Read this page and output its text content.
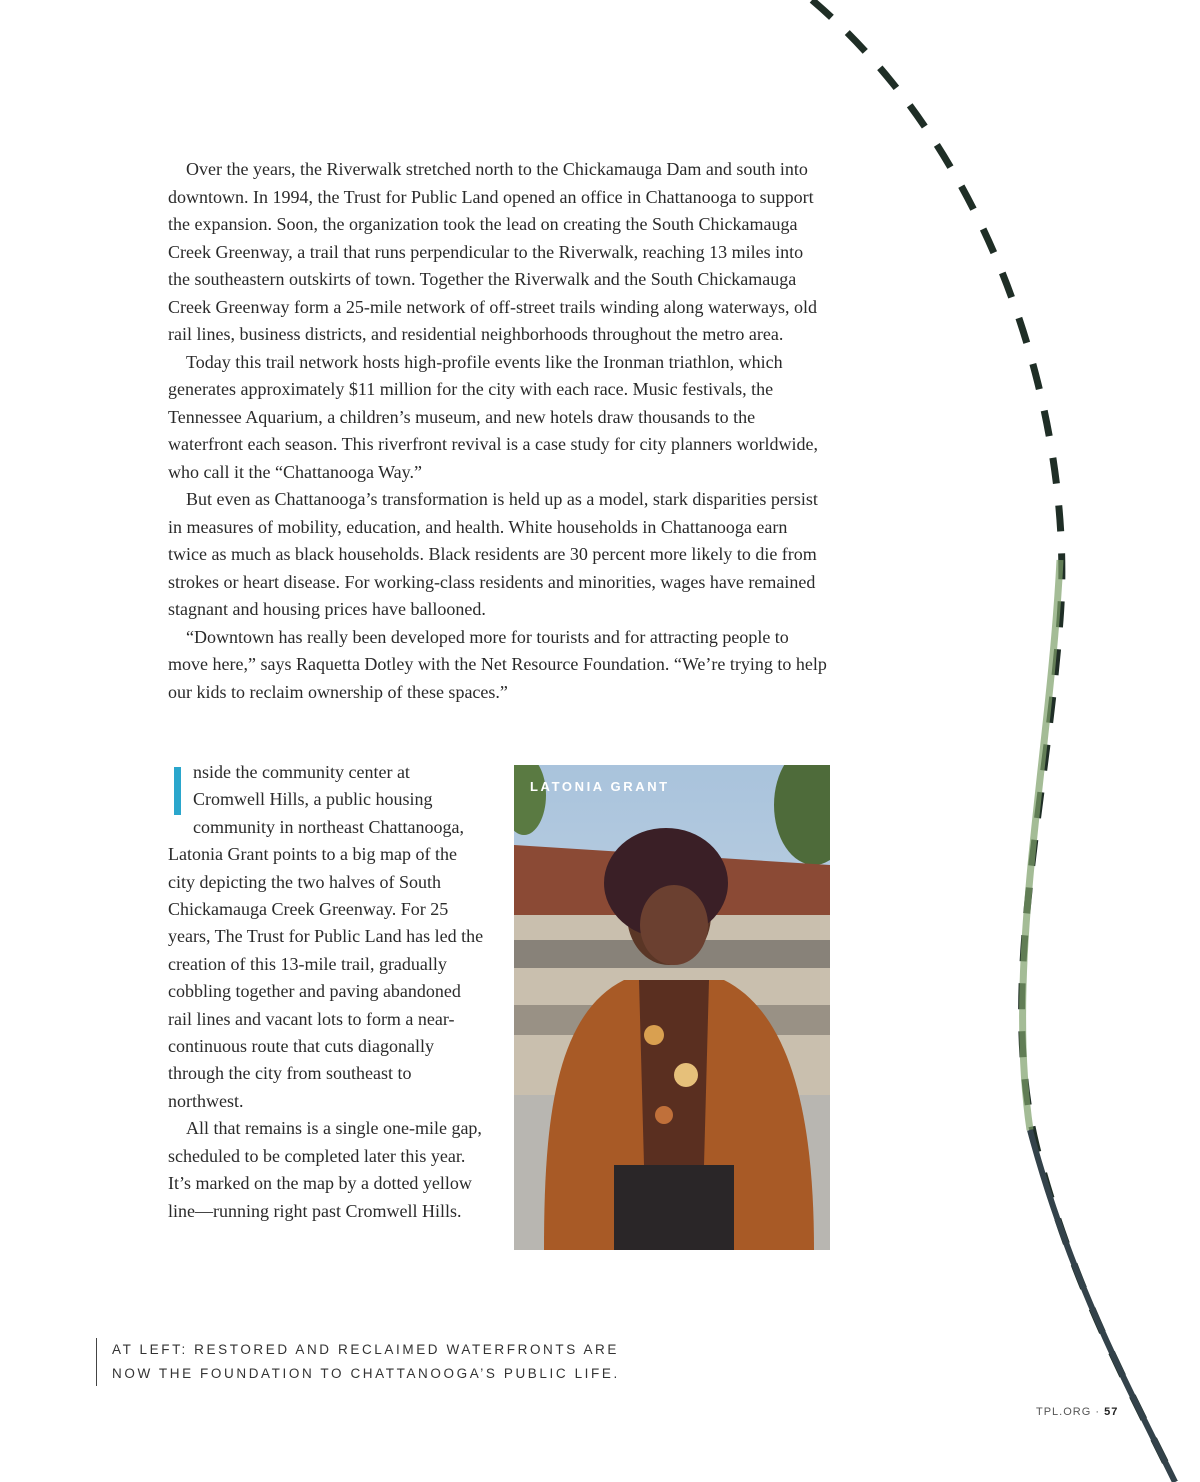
Over the years, the Riverwalk stretched north to the Chickamauga Dam and south into downtown. In 1994, the Trust for Public Land opened an office in Chattanooga to support the expansion. Soon, the organization took the lead on creating the South Chickamauga Creek Greenway, a trail that runs perpendicular to the Riverwalk, reaching 13 miles into the southeastern outskirts of town. Together the Riverwalk and the South Chickamauga Creek Greenway form a 25-mile network of off-street trails winding along waterways, old rail lines, business districts, and residential neighborhoods throughout the metro area.

Today this trail network hosts high-profile events like the Ironman triathlon, which generates approximately $11 million for the city with each race. Music festivals, the Tennessee Aquarium, a children’s museum, and new hotels draw thousands to the waterfront each season. This riverfront revival is a case study for city planners worldwide, who call it the “Chattanooga Way.”

But even as Chattanooga’s transformation is held up as a model, stark disparities persist in measures of mobility, education, and health. White households in Chattanooga earn twice as much as black households. Black residents are 30 percent more likely to die from strokes or heart disease. For working-class residents and minorities, wages have remained stagnant and housing prices have ballooned.

“Downtown has really been developed more for tourists and for attracting people to move here,” says Raquetta Dotley with the Net Resource Foundation. “We’re trying to help our kids to reclaim ownership of these spaces.”

nside the community center at Cromwell Hills, a public housing community in northeast Chattanooga, Latonia Grant points to a big map of the city depicting the two halves of South Chickamauga Creek Greenway. For 25 years, The Trust for Public Land has led the creation of this 13-mile trail, gradually cobbling together and paving abandoned rail lines and vacant lots to form a near-continuous route that cuts diagonally through the city from southeast to northwest.

All that remains is a single one-mile gap, scheduled to be completed later this year. It’s marked on the map by a dotted yellow line—running right past Cromwell Hills.

LATONIA GRANT
AT LEFT: RESTORED AND RECLAIMED WATERFRONTS ARE
NOW THE FOUNDATION TO CHATTANOOGA’S PUBLIC LIFE.
TPL.ORG · 57
